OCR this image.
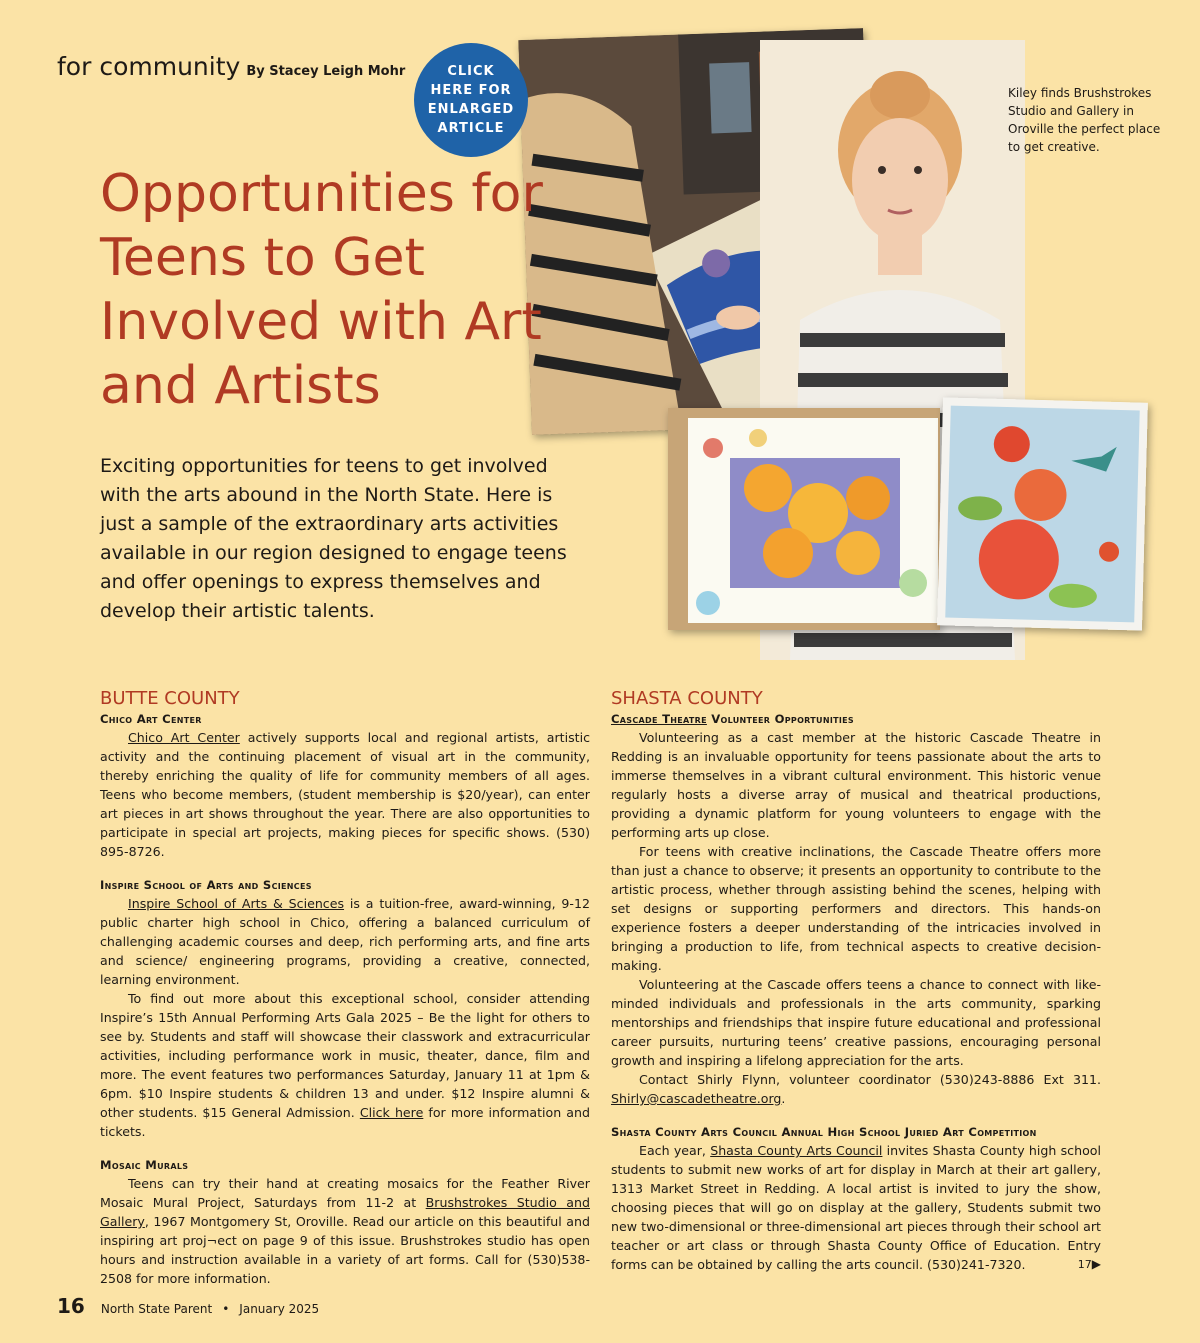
for community By Stacey Leigh Mohr	CLICK
HERE FOR
ENLARGED
ARTICLE

Kiley finds Brushstrokes Studio and Gallery in Oroville the perfect place to get creative.

Opportunities for Teens to Get Involved with Art and Artists

Exciting opportunities for teens to get involved with the arts abound in the North State. Here is just a sample of the extraordinary arts activities available in our region designed to engage teens and offer openings to express themselves and develop their artistic talents.

BUTTE COUNTY
Chico Art Center

Chico Art Center actively supports local and regional artists, artistic activity and the continuing placement of visual art in the community, thereby enriching the quality of life for community members of all ages. Teens who become members, (student membership is $20/year), can enter art pieces in art shows throughout the year. There are also opportunities to participate in special art projects, making pieces for specific shows. (530) 895-8726.

Inspire School of Arts and Sciences

Inspire School of Arts & Sciences is a tuition-free, award-winning, 9-12 public charter high school in Chico, offering a balanced curriculum of challenging academic courses and deep, rich performing arts, and fine arts and science/ engineering programs, providing a creative, connected, learning environment.

To find out more about this exceptional school, consider attending Inspire’s 15th Annual Performing Arts Gala 2025 – Be the light for others to see by. Students and staff will showcase their classwork and extracurricular activities, including performance work in music, theater, dance, film and more. The event features two performances Saturday, January 11 at 1pm & 6pm. $10 Inspire students & children 13 and under. $12 Inspire alumni & other students. $15 General Admission. Click here for more information and tickets.

Mosaic Murals

Teens can try their hand at creating mosaics for the Feather River Mosaic Mural Project, Saturdays from 11-2 at Brushstrokes Studio and Gallery, 1967 Montgomery St, Oroville. Read our article on this beautiful and inspiring art proj¬ect on page 9 of this issue. Brushstrokes studio has open hours and instruction available in a variety of art forms. Call for (530)538-2508 for more information.

SHASTA COUNTY
Cascade Theatre Volunteer Opportunities

Volunteering as a cast member at the historic Cascade Theatre in Redding is an invaluable opportunity for teens passionate about the arts to immerse themselves in a vibrant cultural environment. This historic venue regularly hosts a diverse array of musical and theatrical productions, providing a dynamic platform for young volunteers to engage with the performing arts up close.

For teens with creative inclinations, the Cascade Theatre offers more than just a chance to observe; it presents an opportunity to contribute to the artistic process, whether through assisting behind the scenes, helping with set designs or supporting performers and directors. This hands-on experience fosters a deeper understanding of the intricacies involved in bringing a production to life, from technical aspects to creative decision-making.

Volunteering at the Cascade offers teens a chance to connect with like-minded individuals and professionals in the arts community, sparking mentorships and friendships that inspire future educational and professional career pursuits, nurturing teens’ creative passions, encouraging personal growth and inspiring a lifelong appreciation for the arts.

Contact Shirly Flynn, volunteer coordinator (530)243-8886 Ext 311. Shirly@cascadetheatre.org.

Shasta County Arts Council Annual High School Juried Art Competition

Each year, Shasta County Arts Council invites Shasta County high school students to submit new works of art for display in March at their art gallery, 1313 Market Street in Redding. A local artist is invited to jury the show, choosing pieces that will go on display at the gallery, Students submit two new two-dimensional or three-dimensional art pieces through their school art teacher or art class or through Shasta County Office of Education. Entry forms can be obtained by calling the arts council. (530)241-7320.	17▶
16 North State Parent • January 2025
